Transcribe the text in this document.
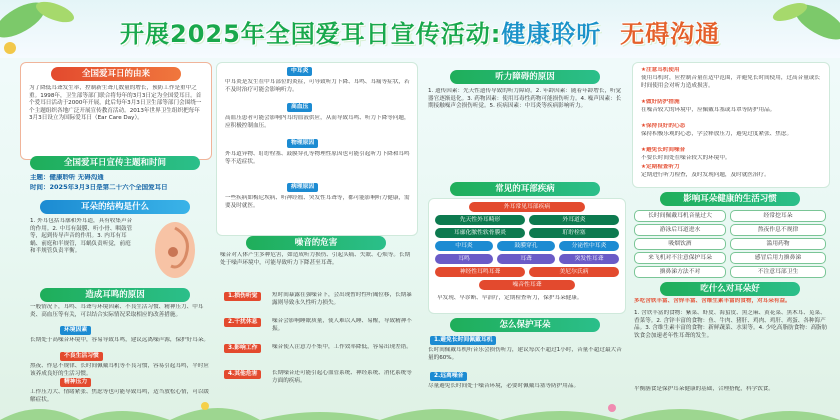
开展2025年全国爱耳日宣传活动:健康聆听 无碍沟通
全国爱耳日的由来
为了降低耳聋发生率，控制新生聋儿数量的增长，预防工作是重中之重。1998年，卫生部等部门联合将每年的3月3日定为全国爱耳日。首个爱耳日活动于2000年开展，此后每年3月3日卫生部等部门会围绕一个主题组织各地广泛开展宣传教育活动。2013年世界卫生组织把每年3月3日设立为国际爱耳日（Ear Care Day）。
全国爱耳日宣传主题和时间
主题：健康聆听 无碍沟通
时间：2025年3月3日是第二十六个全国爱耳日
耳朵的结构是什么
1. 外耳包括耳廓和外耳道，具有收集声音的作用。2. 中耳有鼓膜、听小骨、咽鼓管等，起到传导声音的作用。3. 内耳有耳蜗、前庭和半规管，耳蜗负责听觉，前庭和半规管负责平衡。
造成耳鸣的原因
一般情况下，耳鸣、耳聋与环境因素、不良生活习惯、精神压力、中耳炎、高血压等有关，可以结合实际情况采取相应的改善措施。
环境因素
长期处于高噪音环境中，容易导致耳鸣，建议远离噪声源，保护好耳朵。
不良生活习惯
熬夜、作息不规律、长时间佩戴耳机等不良习惯，容易引起耳鸣，平时应该养成良好的生活习惯。
精神压力
工作压力大、情绪紧张、焦虑等也可能导致耳鸣，适当放松心情，可以缓解症状。
中耳炎
中耳炎是发生在中耳部位的炎症，可导致听力下降、耳鸣、耳痛等症状，若不及时治疗可能会影响听力。
高血压
高血压患者可能会影响内耳的血液供应，从而导致耳鸣、听力下降等问题，应积极控制血压。
物理原因
外耳道异物、耵聍栓塞、鼓膜穿孔等物理性原因也可能引起听力下降和耳鸣等不适症状。
病理原因
一些疾病如梅尼埃病、听神经瘤、突发性耳聋等，都可能影响听力健康，需要及时就医。
噪音的危害
噪音对人体产生多种危害，如造成听力损伤、引起头痛、失眠、心烦等。长期处于噪声环境中，可能导致听力下降甚至耳聋。
1.损伤听觉	短时间暴露在强噪音下，会出现暂时性听阈位移，长期暴露则导致永久性听力损失。
2.干扰休息	噪音会影响睡眠质量，使人难以入睡、易醒，导致精神不振。
3.影响工作	噪音使人注意力不集中，工作效率降低，容易出现差错。
4.其他危害	长期噪音还可能引起心血管系统、神经系统、消化系统等方面的疾病。
听力障碍的原因
1. 遗传因素：先天性遗传导致的听力障碍。2. 年龄因素：随着年龄增长，听觉器官逐渐退化。3. 药物因素：使用耳毒性药物可能损伤听力。4. 噪声因素：长期接触噪声会损伤听觉。5. 疾病因素：中耳炎等疾病影响听力。
常见的耳部疾病
外耳常见耳部疾病
先天性外耳畸形	外耳道炎
耳廓化脓性软骨膜炎	耵聍栓塞
中耳炎	鼓膜穿孔	分泌性中耳炎
耳鸣	耳聋	突发性耳聋
神经性耳鸣耳聋	美尼尔氏病
噪音性耳聋
早发现、早诊断、早治疗，定期检查听力，保护耳朵健康。
怎么保护耳朵
1.避免长时间佩戴耳机
长时间佩戴耳机听音乐会损伤听力，建议每次不超过1小时，音量不超过最大音量的60%。
2.远离噪音
尽量避免长时间处于噪音环境，必要时佩戴耳塞等防护用品。
★注意耳机使用
使用耳机时，应控制音量在适中范围，并避免长时间使用，过高音量或长时间使用会对听力造成损害。
★做好防护措施
在噪音较大的环境中，应佩戴耳塞或耳罩等防护用品。
★保持良好的心态
保持积极乐观的心态，学会释放压力，避免过度紧张、焦虑。
★避免长时间噪音
不要长时间处在噪音较大的环境中。
★定期检查听力
定期进行听力检查，及时发现问题，及时就医治疗。
影响耳朵健康的生活习惯
长时间佩戴耳机音量过大	经常挖耳朵
游泳后耳道进水	熬夜作息不规律
吸烟饮酒	滥用药物
来飞机对不注意保护耳朵	感冒后用力擤鼻涕
擤鼻涕方法不对	不注意耳部卫生
吃什么对耳朵好
多吃含铁丰富、含锌丰富、含维生素丰富的食物，对耳朵有益。
1. 含铁丰富的食物：紫菜、虾皮、海蜇皮、黑芝麻、黄花菜、黑木耳、苋菜、香菜等。2. 含锌丰富的食物：鱼、牛肉、猪肝、鸡肉、鸡肝、鸡蛋、各种海产品。3. 含维生素丰富的食物：新鲜蔬菜、水果等。4. 少吃高脂肪食物：高脂肪饮食会加速老年性耳聋的发生。
平衡膳食是保护耳朵健康的基础，合理搭配，科学饮食。
